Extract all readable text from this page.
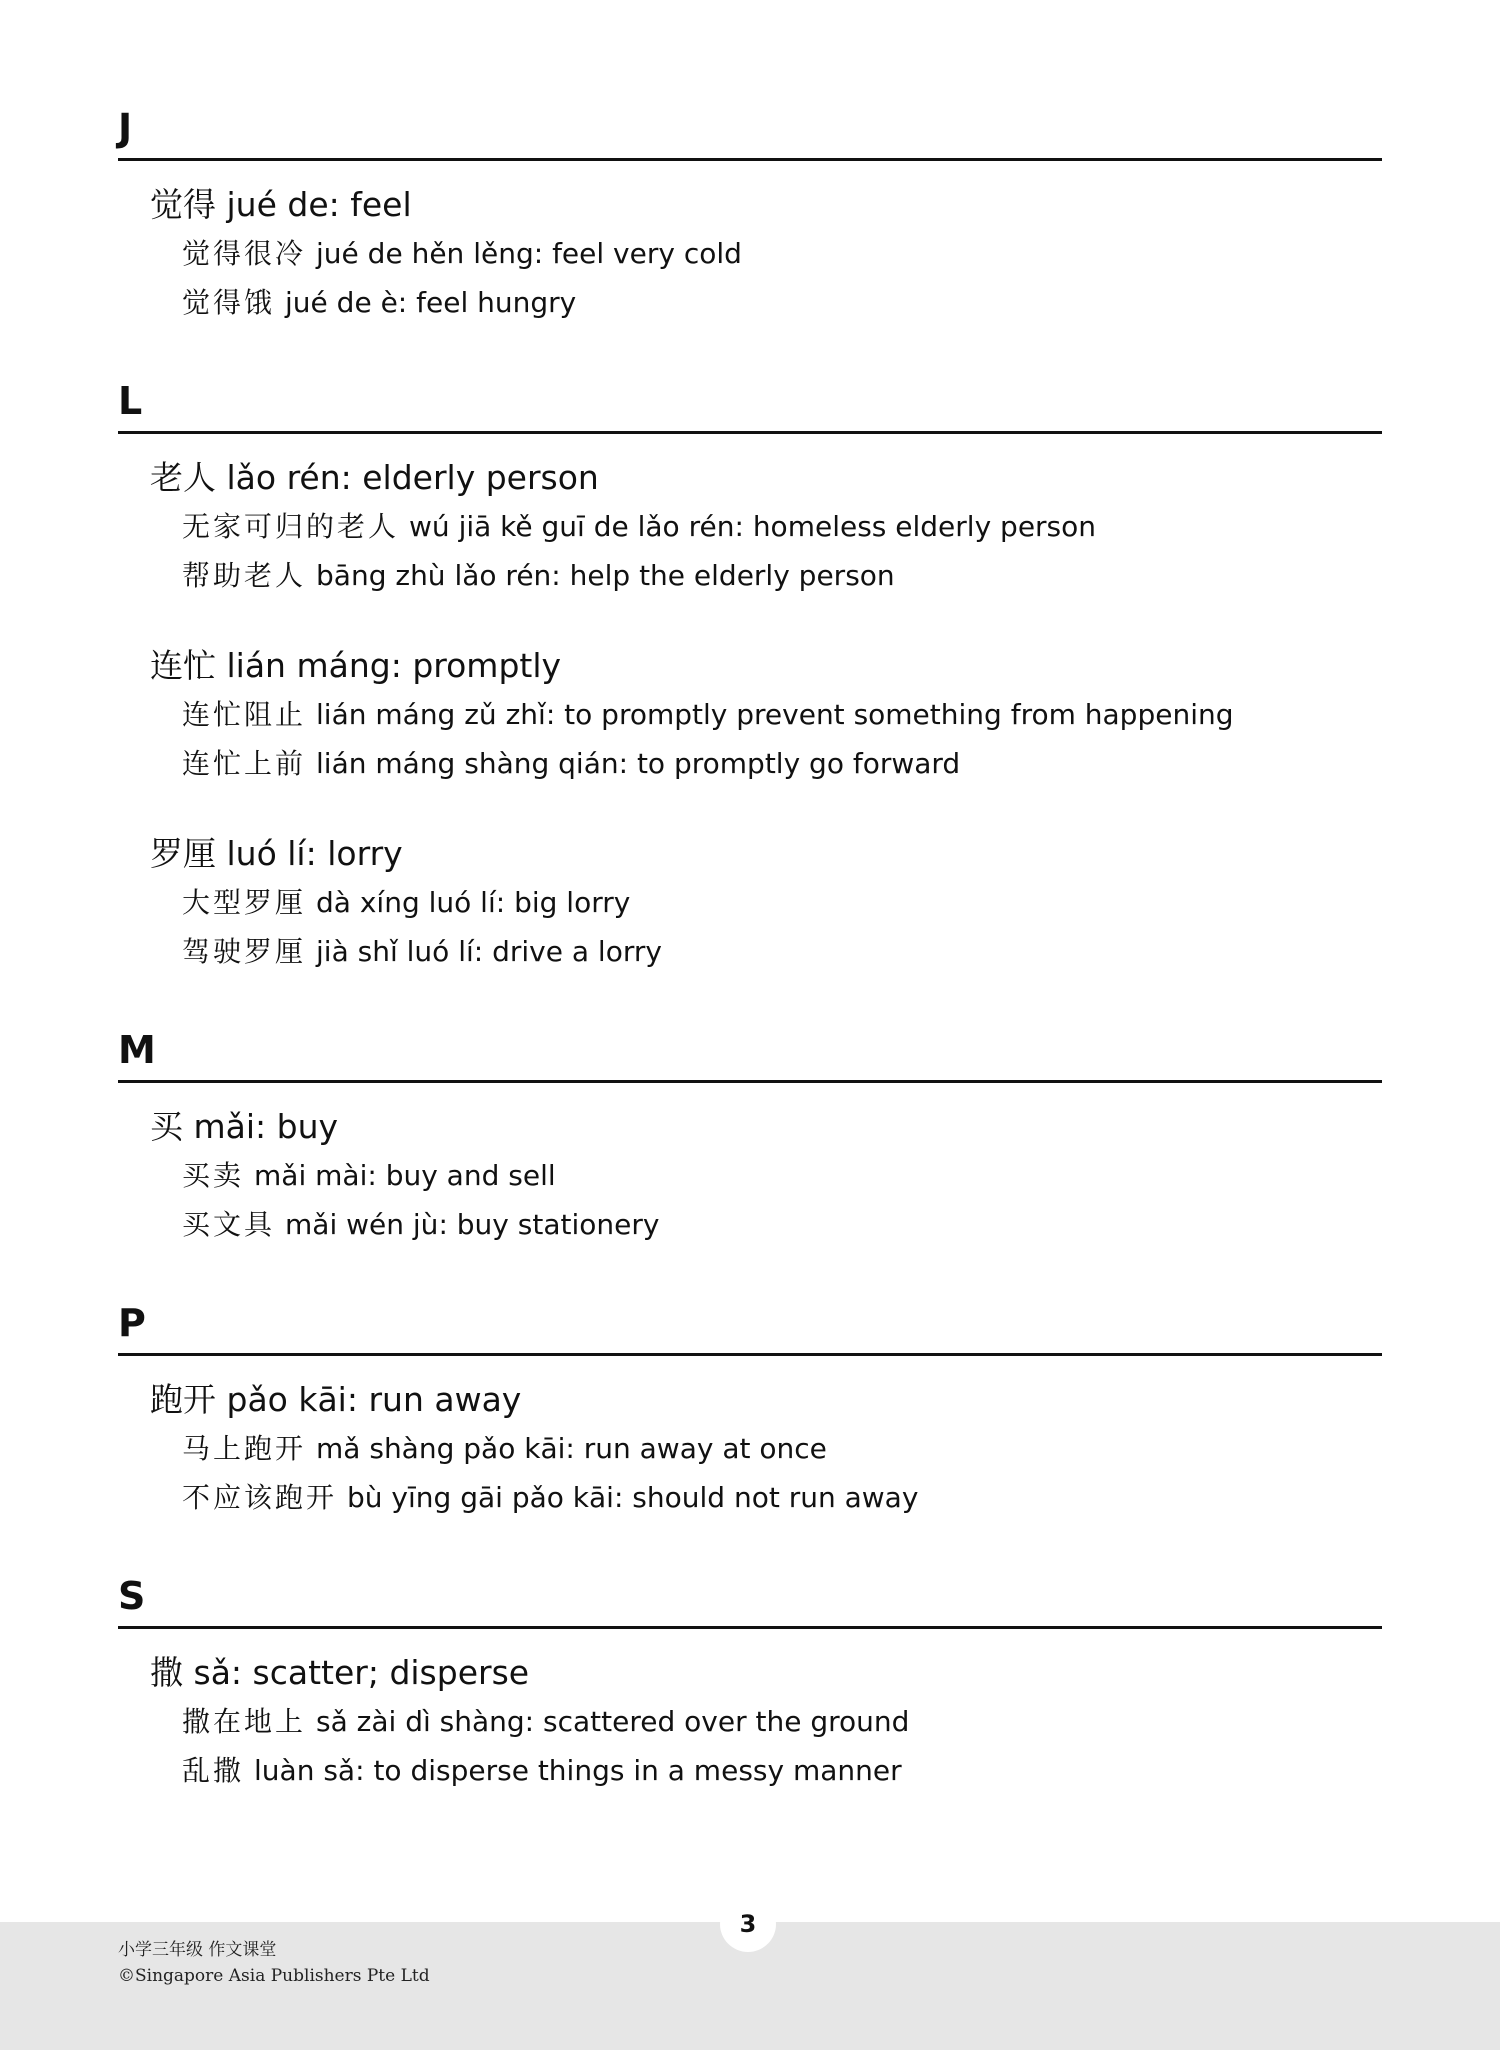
J
觉得 jué de: feel
觉得很冷 jué de hěn lěng: feel very cold
觉得饿 jué de è: feel hungry
L
老人 lǎo rén: elderly person
无家可归的老人 wú jiā kě guī de lǎo rén: homeless elderly person
帮助老人 bāng zhù lǎo rén: help the elderly person
连忙 lián máng: promptly
连忙阻止 lián máng zǔ zhǐ: to promptly prevent something from happening
连忙上前 lián máng shàng qián: to promptly go forward
罗厘 luó lí: lorry
大型罗厘 dà xíng luó lí: big lorry
驾驶罗厘 jià shǐ luó lí: drive a lorry
M
买 mǎi: buy
买卖 mǎi mài: buy and sell
买文具 mǎi wén jù: buy stationery
P
跑开 pǎo kāi: run away
马上跑开 mǎ shàng pǎo kāi: run away at once
不应该跑开 bù yīng gāi pǎo kāi: should not run away
S
撒 sǎ: scatter; disperse
撒在地上 sǎ zài dì shàng: scattered over the ground
乱撒 luàn sǎ: to disperse things in a messy manner
小学三年级 作文课堂
©Singapore Asia Publishers Pte Ltd
3
